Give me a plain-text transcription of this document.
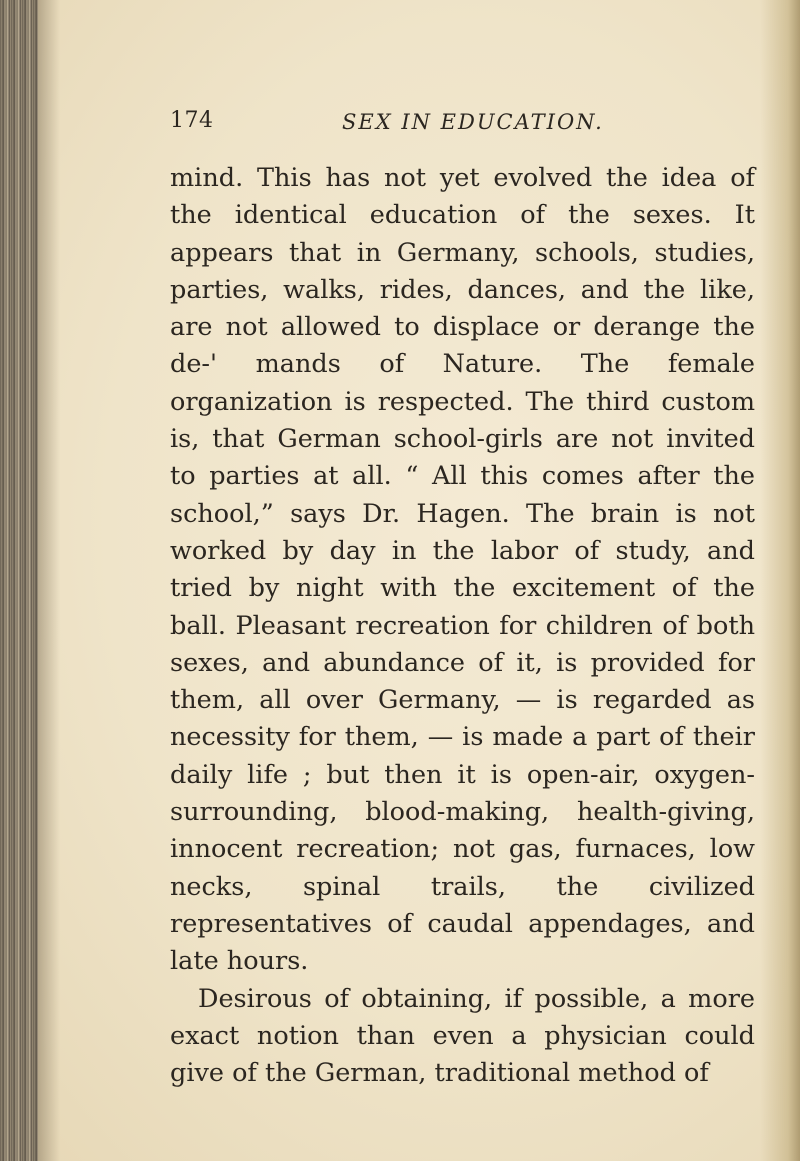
174	SEX IN EDUCATION.

mind. This has not yet evolved the idea of the identical education of the sexes. It appears that in Germany, schools, studies, parties, walks, rides, dances, and the like, are not allowed to displace or derange the de-' mands of Nature. The female organization is respected. The third custom is, that German school-girls are not invited to parties at all. “ All this comes after the school,” says Dr. Hagen. The brain is not worked by day in the labor of study, and tried by night with the excitement of the ball. Pleasant recreation for children of both sexes, and abundance of it, is provided for them, all over Germany, — is regarded as necessity for them, — is made a part of their daily life ; but then it is open-air, oxygen-surrounding, blood-making, health-giving, innocent recreation; not gas, furnaces, low necks, spinal trails, the civilized representatives of caudal appendages, and late hours.

Desirous of obtaining, if possible, a more exact notion than even a physician could give of the German, traditional method of
